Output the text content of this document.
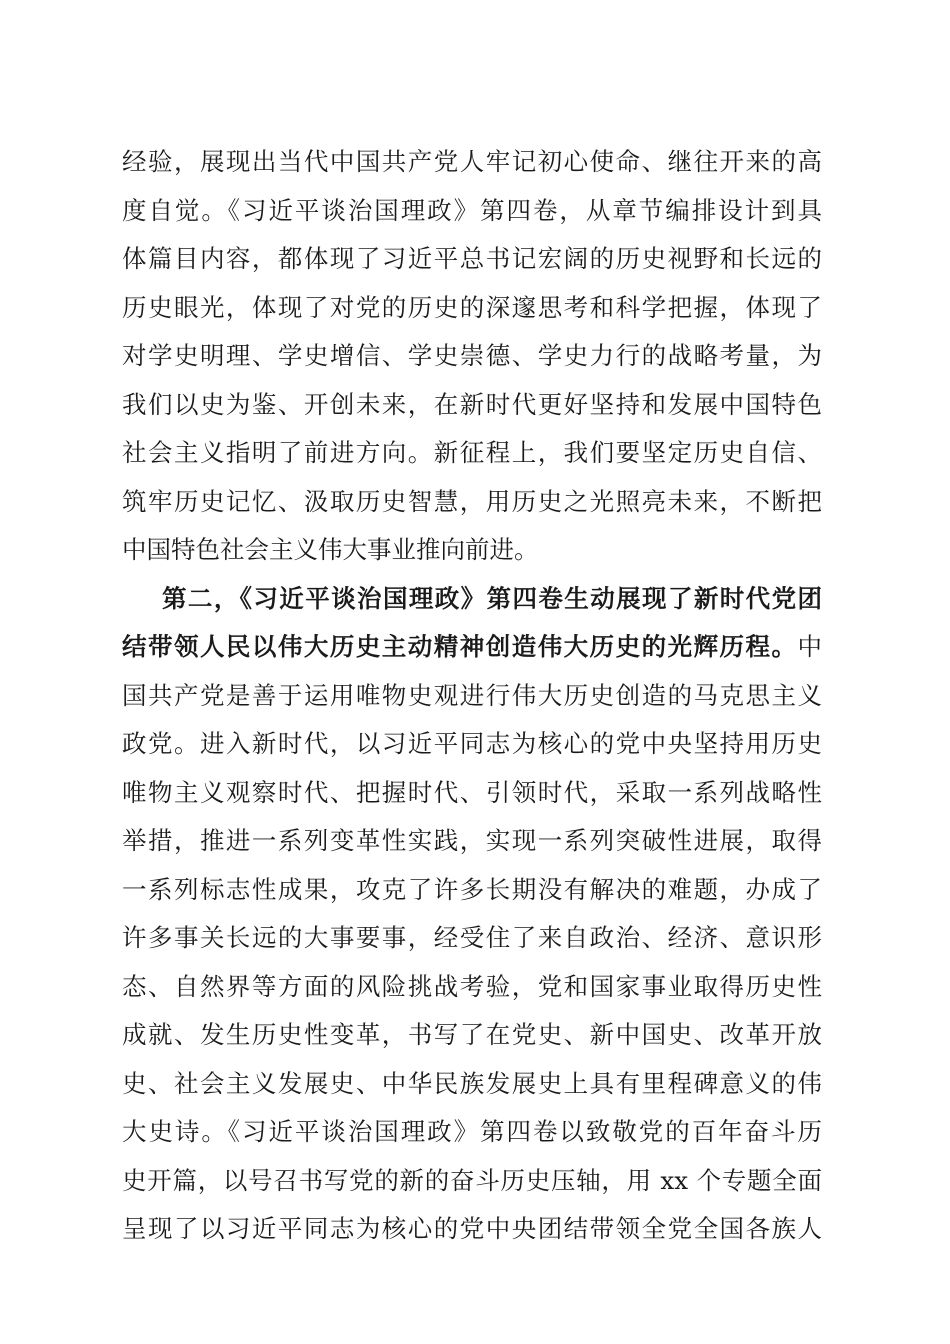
经验，展现出当代中国共产党人牢记初心使命、继往开来的高
度自觉。《习近平谈治国理政》第四卷，从章节编排设计到具
体篇目内容，都体现了习近平总书记宏阔的历史视野和长远的
历史眼光，体现了对党的历史的深邃思考和科学把握，体现了
对学史明理、学史增信、学史崇德、学史力行的战略考量，为
我们以史为鉴、开创未来，在新时代更好坚持和发展中国特色
社会主义指明了前进方向。新征程上，我们要坚定历史自信、
筑牢历史记忆、汲取历史智慧，用历史之光照亮未来，不断把
中国特色社会主义伟大事业推向前进。
第二，《习近平谈治国理政》第四卷生动展现了新时代党团
结带领人民以伟大历史主动精神创造伟大历史的光辉历程。中
国共产党是善于运用唯物史观进行伟大历史创造的马克思主义
政党。进入新时代，以习近平同志为核心的党中央坚持用历史
唯物主义观察时代、把握时代、引领时代，采取一系列战略性
举措，推进一系列变革性实践，实现一系列突破性进展，取得
一系列标志性成果，攻克了许多长期没有解决的难题，办成了
许多事关长远的大事要事，经受住了来自政治、经济、意识形
态、自然界等方面的风险挑战考验，党和国家事业取得历史性
成就、发生历史性变革，书写了在党史、新中国史、改革开放
史、社会主义发展史、中华民族发展史上具有里程碑意义的伟
大史诗。《习近平谈治国理政》第四卷以致敬党的百年奋斗历
史开篇，以号召书写党的新的奋斗历史压轴，用 xx 个专题全面
呈现了以习近平同志为核心的党中央团结带领全党全国各族人
